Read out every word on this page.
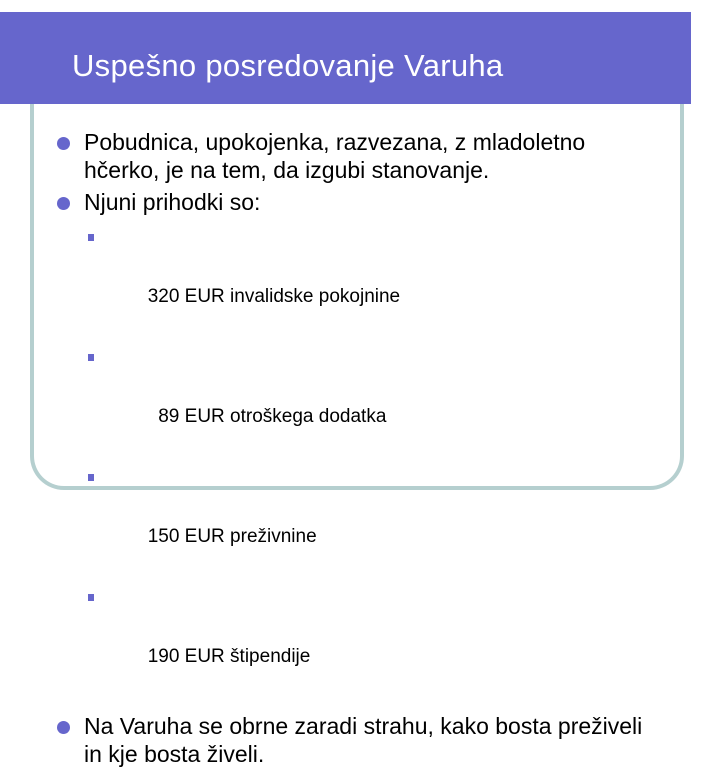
Uspešno posredovanje Varuha
Pobudnica, upokojenka, razvezana, z mladoletno hčerko, je na tem, da izgubi stanovanje.
Njuni prihodki so:

320 EUR invalidske pokojnine

89 EUR otroškega dodatka

150 EUR preživnine

190 EUR štipendije

Na Varuha se obrne zaradi strahu, kako bosta preživeli in kje bosta živeli.
